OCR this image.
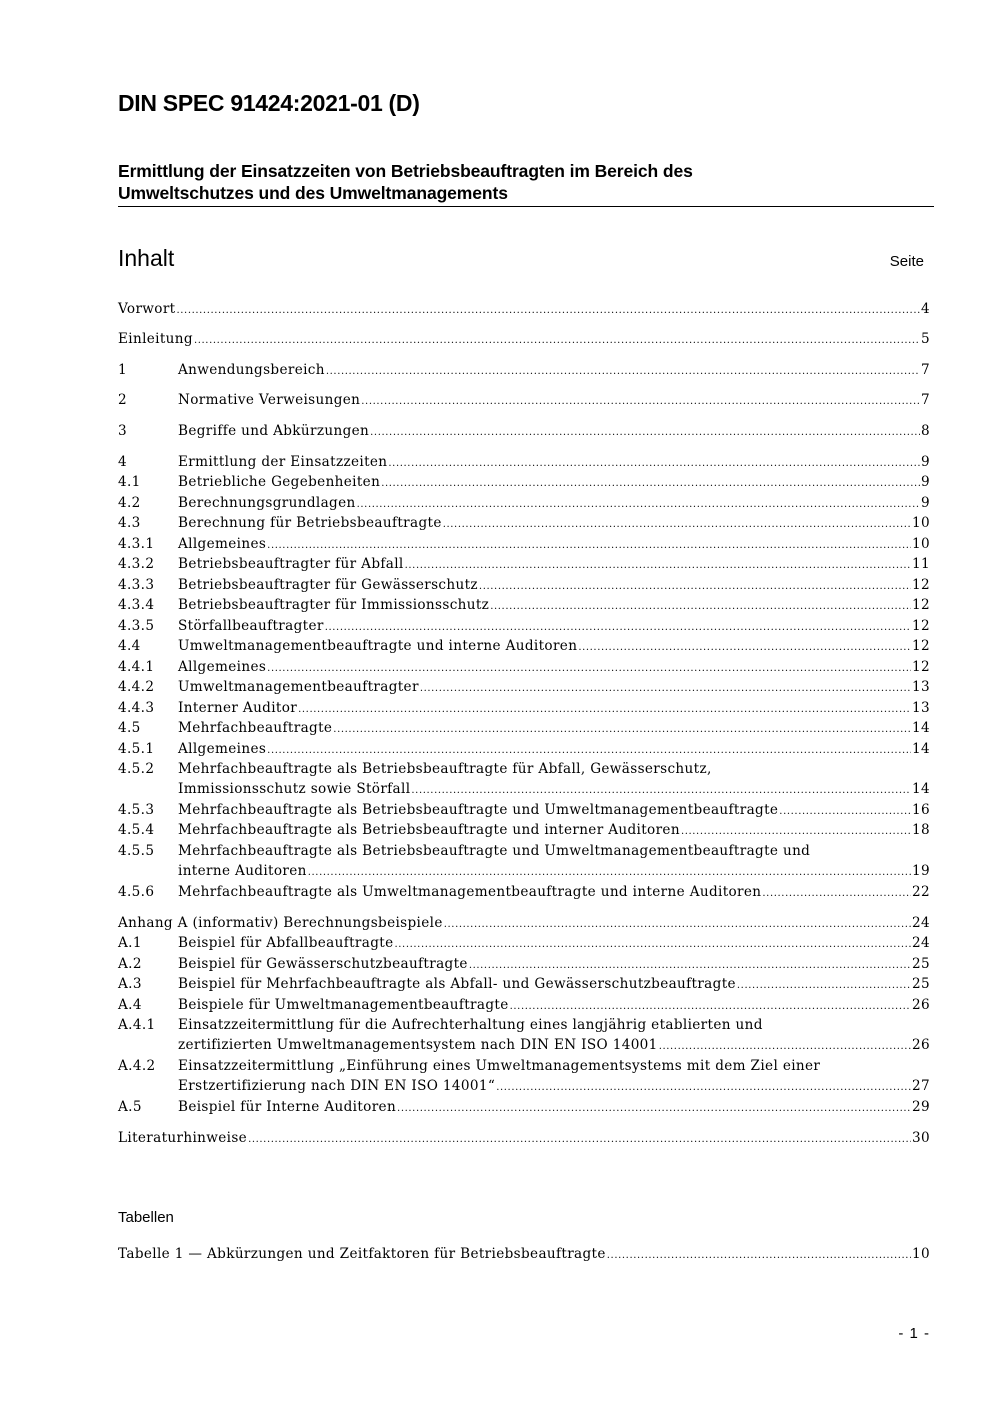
DIN SPEC 91424:2021-01 (D)
Ermittlung der Einsatzzeiten von Betriebsbeauftragten im Bereich des
Umweltschutzes und des Umweltmanagements
Inhalt	Seite
Vorwort .....	4
Einleitung .....	5
1	Anwendungsbereich .....	7
2	Normative Verweisungen .....	7
3	Begriffe und Abkürzungen .....	8
4	Ermittlung der Einsatzzeiten .....	9
4.1	Betriebliche Gegebenheiten .....	9
4.2	Berechnungsgrundlagen .....	9
4.3	Berechnung für Betriebsbeauftragte .....	10
4.3.1 Allgemeines .....	10
4.3.2 Betriebsbeauftragter für Abfall .....	11
4.3.3 Betriebsbeauftragter für Gewässerschutz .....	12
4.3.4 Betriebsbeauftragter für Immissionsschutz .....	12
4.3.5 Störfallbeauftragter .....	12
4.4	Umweltmanagementbeauftragte und interne Auditoren .....	12
4.4.1 Allgemeines .....	12
4.4.2 Umweltmanagementbeauftragter .....	13
4.4.3 Interner Auditor .....	13
4.5	Mehrfachbeauftragte .....	14
4.5.1 Allgemeines .....	14
4.5.2 Mehrfachbeauftragte als Betriebsbeauftragte für Abfall, Gewässerschutz,
Immissionsschutz sowie Störfall .....	14
4.5.3 Mehrfachbeauftragte als Betriebsbeauftragte und Umweltmanagementbeauftragte .....	16
4.5.4 Mehrfachbeauftragte als Betriebsbeauftragte und interner Auditoren .....	18
4.5.5 Mehrfachbeauftragte als Betriebsbeauftragte und Umweltmanagementbeauftragte und
interne Auditoren .....	19
4.5.6 Mehrfachbeauftragte als Umweltmanagementbeauftragte und interne Auditoren .....	22
Anhang A (informativ) Berechnungsbeispiele .....	24
A.1	Beispiel für Abfallbeauftragte .....	24
A.2	Beispiel für Gewässerschutzbeauftragte .....	25
A.3	Beispiel für Mehrfachbeauftragte als Abfall- und Gewässerschutzbeauftragte .....	25
A.4	Beispiele für Umweltmanagementbeauftragte .....	26
A.4.1 Einsatzzeitermittlung für die Aufrechterhaltung eines langjährig etablierten und
zertifizierten Umweltmanagementsystem nach DIN EN ISO 14001 .....	26
A.4.2 Einsatzzeitermittlung „Einführung eines Umweltmanagementsystems mit dem Ziel einer
Erstzertifizierung nach DIN EN ISO 14001“ .....	27
A.5	Beispiel für Interne Auditoren .....	29
Literaturhinweise .....	30
Tabellen
Tabelle 1 — Abkürzungen und Zeitfaktoren für Betriebsbeauftragte .....	10
- 1 -
